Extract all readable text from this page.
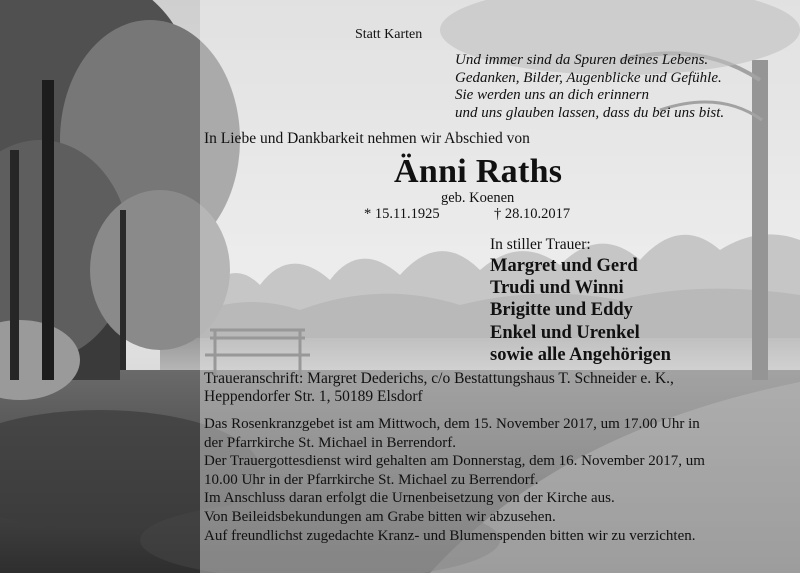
Statt Karten
Und immer sind da Spuren deines Lebens.
Gedanken, Bilder, Augenblicke und Gefühle.
Sie werden uns an dich erinnern
und uns glauben lassen, dass du bei uns bist.
In Liebe und Dankbarkeit nehmen wir Abschied von
Änni Raths
geb. Koenen
* 15.11.1925	† 28.10.2017
In stiller Trauer:
Margret und Gerd
Trudi und Winni
Brigitte und Eddy
Enkel und Urenkel
sowie alle Angehörigen
Traueranschrift: Margret Dederichs, c/o Bestattungshaus T. Schneider e. K.,
Heppendorfer Str. 1, 50189 Elsdorf
Das Rosenkranzgebet ist am Mittwoch, dem 15. November 2017, um 17.00 Uhr in
der Pfarrkirche St. Michael in Berrendorf.
Der Trauergottesdienst wird gehalten am Donnerstag, dem 16. November 2017, um
10.00 Uhr in der Pfarrkirche St. Michael zu Berrendorf.
Im Anschluss daran erfolgt die Urnenbeisetzung von der Kirche aus.
Von Beileidsbekundungen am Grabe bitten wir abzusehen.
Auf freundlichst zugedachte Kranz- und Blumenspenden bitten wir zu verzichten.
